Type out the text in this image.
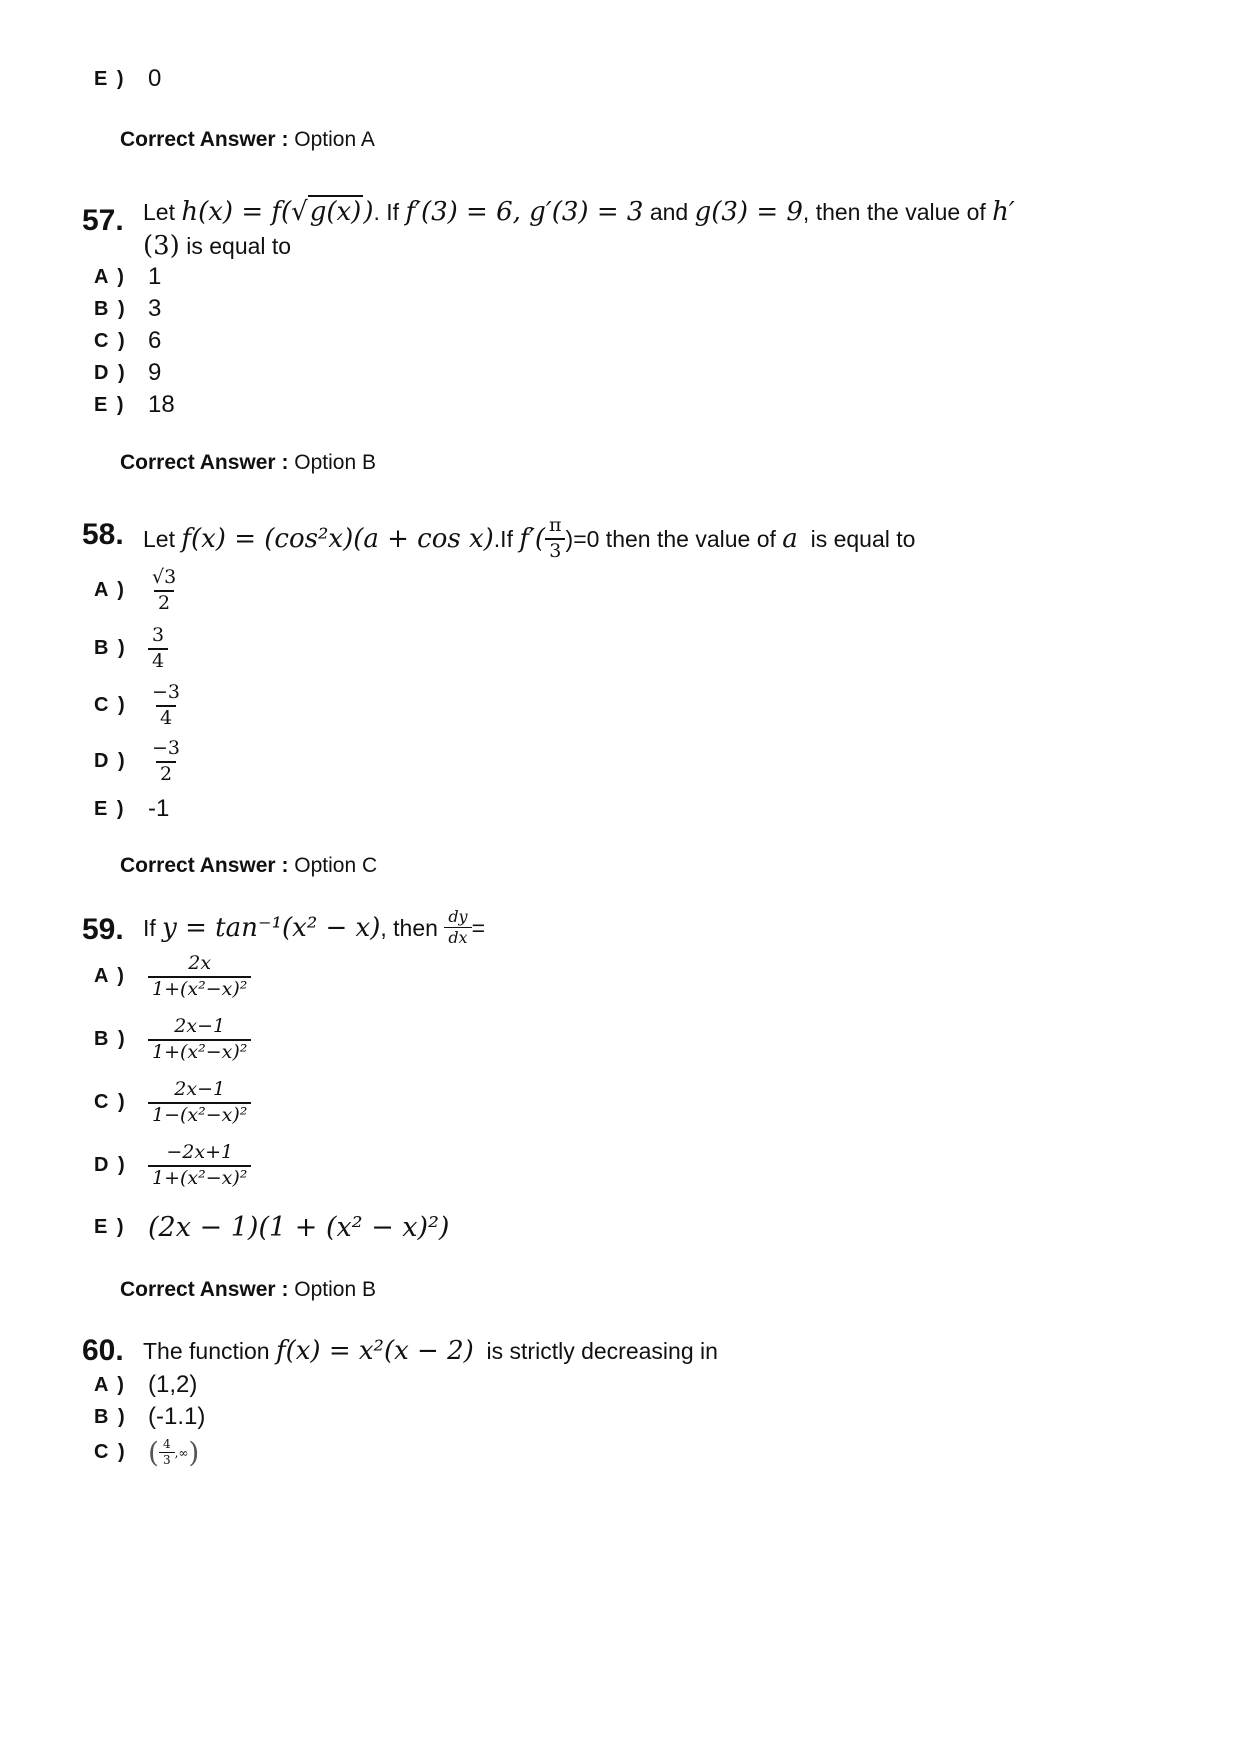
E ) 0
Correct Answer : Option A
57. Let h(x) = f(√g(x)). If f′(3) = 6, g′(3) = 3 and g(3) = 9, then the value of h′
(3) is equal to
A ) 1
B ) 3
C ) 6
D ) 9
E ) 18
Correct Answer : Option B
58. Let
f(x) = ( cos²x )(a + cos x) .If
$f'( \frac{\pi}{3} )=0$ then the value of
a
is equal to
A )	$\frac{√3}{2}$
B )	$\frac{3}{4}$
C )	$\frac{-3}{4}$
D )	$\frac{-3}{2}$
E ) -1
Correct Answer : Option C
59. If
y = tan⁻¹(x² − x) , then
$\frac{dy}{dx}$ =
A )	$\frac{2x}{\text{1+(x²−x)²}}$
B )	$\frac{2x-1}{\text{1+(x²−x)²}}$
C )	$\frac{2x-1}{\text{1−(x²−x)²}}$
D )	$\frac{-2x+1}{\text{1+(x²−x)²}}$
E ) (2x − 1)(1 + (x² − x)²)
Correct Answer : Option B
60. The function f(x) = x²(x − 2) is strictly decreasing in
A ) (1,2)
B ) (-1.1)
C ) ( $\frac{4}{3}$ ,∞ )
